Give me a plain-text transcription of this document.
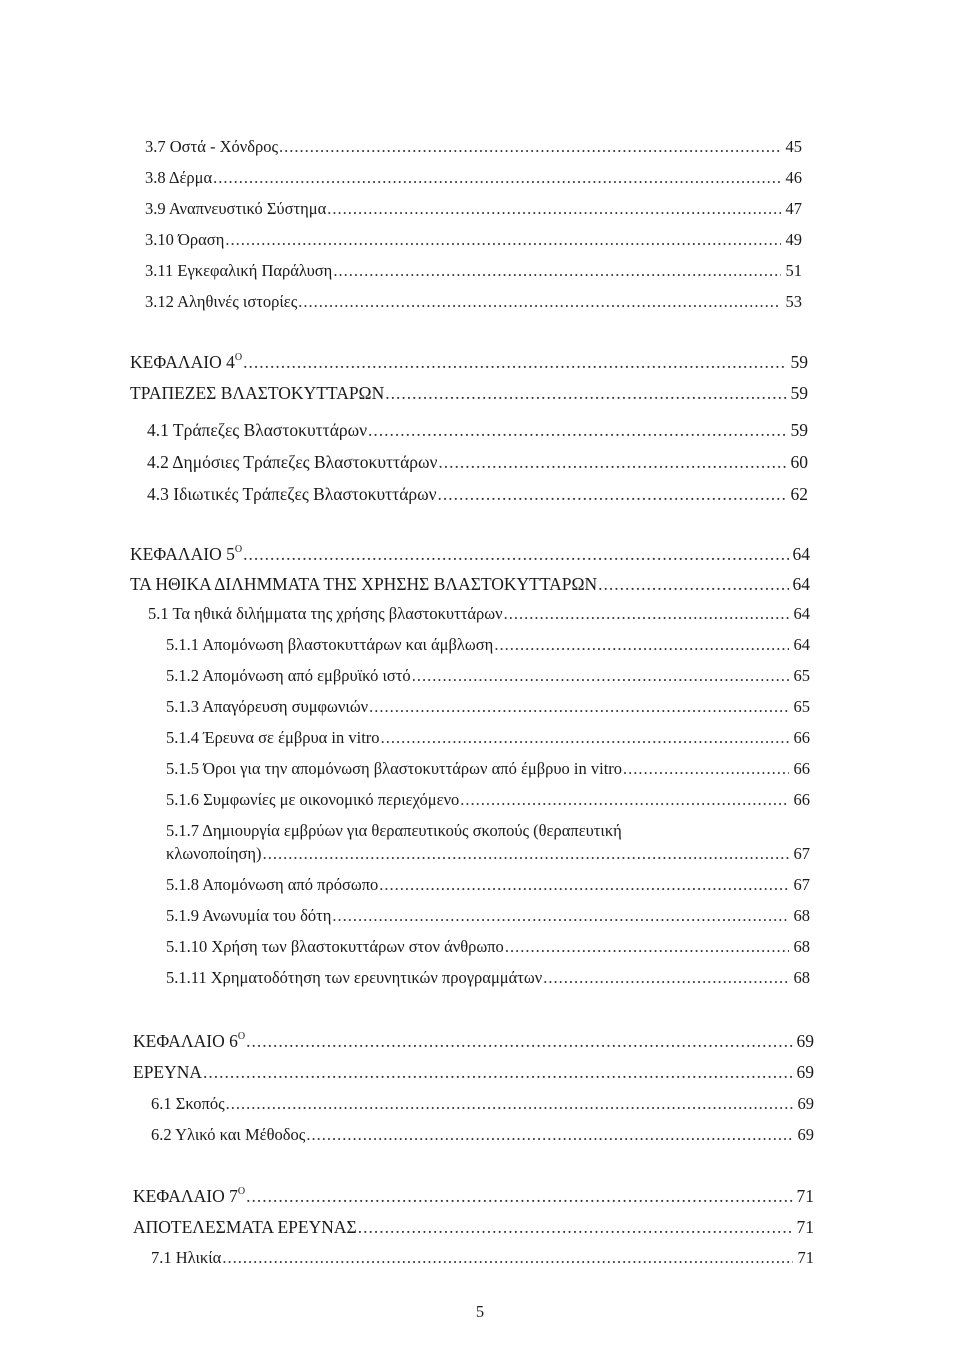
3.7 Οστά - Χόνδρος .....	45
3.8 Δέρμα .....	46
3.9 Αναπνευστικό Σύστημα .....	47
3.10 Όραση .....	49
3.11 Εγκεφαλική Παράλυση .....	51
3.12 Αληθινές ιστορίες .....	53
ΚΕΦΑΛΑΙΟ $4^O$ .....	59
ΤΡΑΠΕΖΕΣ ΒΛΑΣΤΟΚΥΤΤΑΡΩΝ .....	59
4.1 Τράπεζες Βλαστοκυττάρων .....	59
4.2 Δημόσιες Τράπεζες Βλαστοκυττάρων .....	60
4.3 Ιδιωτικές Τράπεζες Βλαστοκυττάρων .....	62
ΚΕΦΑΛΑΙΟ $5^O$ .....	64
ΤΑ ΗΘΙΚΑ ΔΙΛΗΜΜΑΤΑ ΤΗΣ ΧΡΗΣΗΣ ΒΛΑΣΤΟΚΥΤΤΑΡΩΝ .....	64
5.1 Τα ηθικά διλήμματα της χρήσης βλαστοκυττάρων .....	64
5.1.1 Απομόνωση βλαστοκυττάρων και άμβλωση .....	64
5.1.2 Απομόνωση από εμβρυϊκό ιστό .....	65
5.1.3 Απαγόρευση συμφωνιών .....	65
5.1.4 Έρευνα σε έμβρυα in vitro .....	66
5.1.5 Όροι για την απομόνωση βλαστοκυττάρων από έμβρυο in vitro .....	66
5.1.6 Συμφωνίες με οικονομικό περιεχόμενο .....	66
5.1.7 Δημιουργία εμβρύων για θεραπευτικούς σκοπούς (θεραπευτική
κλωνοποίηση) .....	67
5.1.8 Απομόνωση από πρόσωπο .....	67
5.1.9 Ανωνυμία του δότη .....	68
5.1.10 Χρήση των βλαστοκυττάρων στον άνθρωπο .....	68
5.1.11 Χρηματοδότηση των ερευνητικών προγραμμάτων .....	68
ΚΕΦΑΛΑΙΟ $6^O$ .....	69
ΕΡΕΥΝΑ .....	69
6.1 Σκοπός .....	69
6.2 Υλικό και Μέθοδος .....	69
ΚΕΦΑΛΑΙΟ $7^O$ .....	71
ΑΠΟΤΕΛΕΣΜΑΤΑ ΕΡΕΥΝΑΣ .....	71
7.1 Ηλικία .....	71
5
